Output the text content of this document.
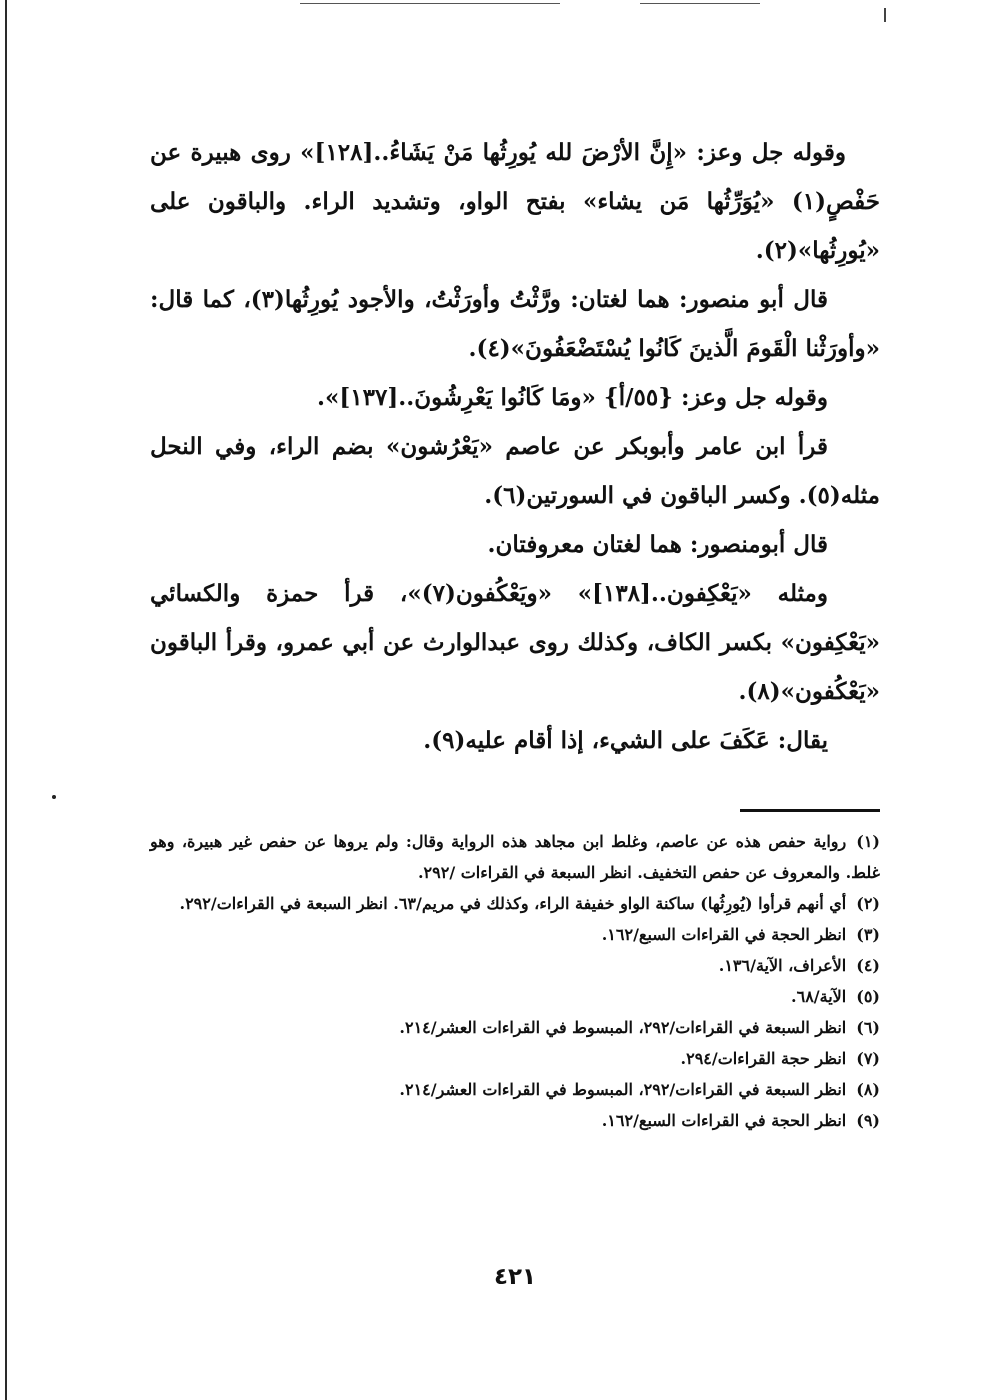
وقوله جل وعز: «إِنَّ الأرْضَ لله يُورِثُها مَنْ يَشَاءُ..[١٢٨]» روى هبيرة عن حَفْصٍ(١) «يُوَرِّثُها مَن يشاء» بفتح الواو، وتشديد الراء. والباقون على «يُورِثُها»(٢).

قال أبو منصور: هما لغتان: ورَّثْتُ وأورَثْتُ، والأجود يُورِثُها(٣)، كما قال: «وأورَثْنا الْقَومَ الَّذينَ كَانُوا يُسْتَضْعَفُونَ»(٤).

وقوله جل وعز: {٥٥/أ} «ومَا كَانُوا يَعْرِشُونَ..[١٣٧]».

قرأ ابن عامر وأبوبكر عن عاصم «يَعْرُشون» بضم الراء، وفي النحل مثله(٥). وكسر الباقون في السورتين(٦).

قال أبومنصور: هما لغتان معروفتان.

ومثله «يَعْكِفون..[١٣٨]» «ويَعْكُفون(٧)»، قرأ حمزة والكسائي «يَعْكِفون» بكسر الكاف، وكذلك روى عبدالوارث عن أبي عمرو، وقرأ الباقون «يَعْكُفون»(٨).

يقال: عَكَفَ على الشيء، إذا أقام عليه(٩).

(١)رواية حفص هذه عن عاصم، وغلط ابن مجاهد هذه الرواية وقال: ولم يروها عن حفص غير هبيرة، وهو غلط. والمعروف عن حفص التخفيف. انظر السبعة في القراءات /٢٩٢.

(٢)أي أنهم قرأوا (يُورِثُها) ساكنة الواو خفيفة الراء، وكذلك في مريم/٦٣. انظر السبعة في القراءات/٢٩٢.

(٣)انظر الحجة في القراءات السبع/١٦٢.

(٤)الأعراف، الآية/١٣٦.

(٥)الآية/٦٨.

(٦)انظر السبعة في القراءات/٢٩٢، المبسوط في القراءات العشر/٢١٤.

(٧)انظر حجة القراءات/٢٩٤.

(٨)انظر السبعة في القراءات/٢٩٢، المبسوط في القراءات العشر/٢١٤.

(٩)انظر الحجة في القراءات السبع/١٦٢.

٤٢١
